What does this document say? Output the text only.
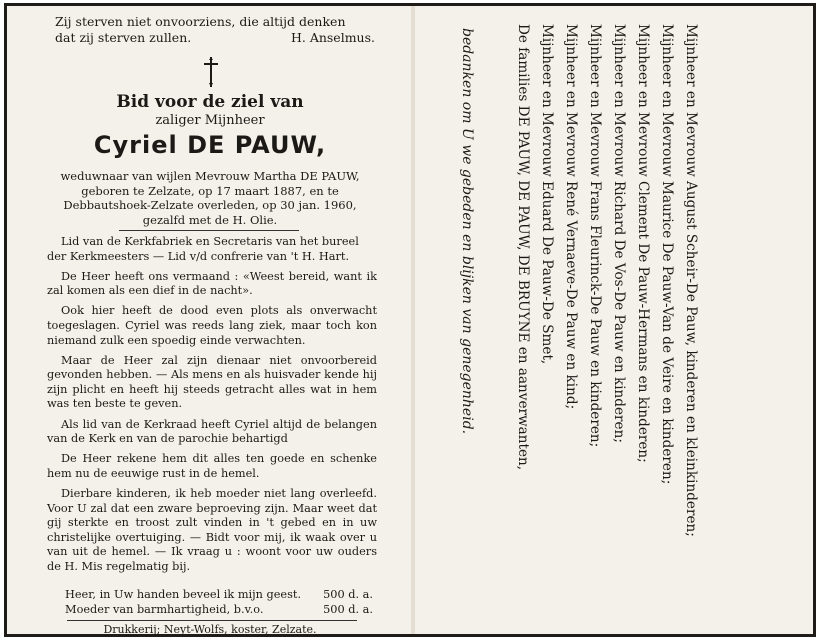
Zij sterven niet onvoorziens, die altijd denken
dat zij sterven zullen.	H. Anselmus.
Bid voor de ziel van
zaliger Mijnheer
Cyriel DE PAUW,
weduwnaar van wijlen Mevrouw Martha DE PAUW,
geboren te Zelzate, op 17 maart 1887, en te
Debbautshoek-Zelzate overleden, op 30 jan. 1960,
gezalfd met de H. Olie.
Lid van de Kerkfabriek en Secretaris van het bureel
der Kerkmeesters — Lid v/d confrerie van 't H. Hart.
De Heer heeft ons vermaand : «Weest bereid, want ik zal komen als een dief in de nacht».
Ook hier heeft de dood even plots als onverwacht toegeslagen. Cyriel was reeds lang ziek, maar toch kon niemand zulk een spoedig einde verwachten.
Maar de Heer zal zijn dienaar niet onvoorbereid gevonden hebben. — Als mens en als huisvader kende hij zijn plicht en heeft hij steeds getracht alles wat in hem was ten beste te geven.
Als lid van de Kerkraad heeft Cyriel altijd de belangen van de Kerk en van de parochie behartigd
De Heer rekene hem dit alles ten goede en schenke hem nu de eeuwige rust in de hemel.
Dierbare kinderen, ik heb moeder niet lang overleefd. Voor U zal dat een zware beproeving zijn. Maar weet dat gij sterkte en troost zult vinden in 't gebed en in uw christelijke overtuiging. — Bidt voor mij, ik waak over u van uit de hemel. — Ik vraag u : woont voor uw ouders de H. Mis regelmatig bij.
Heer, in Uw handen beveel ik mijn geest. 500 d. a.
Moeder van barmhartigheid, b.v.o.	500 d. a.
Drukkerij; Neyt-Wolfs, koster, Zelzate.
Mijnheer en Mevrouw August Scheir-De Pauw, kinderen en kleinkinderen;
Mijnheer en Mevrouw Maurice De Pauw-Van de Veire en kinderen;
Mijnheer en Mevrouw Clement De Pauw-Hermans en kinderen;
Mijnheer en Mevrouw Richard De Vos-De Pauw en kinderen;
Mijnheer en Mevrouw Frans Fleurinck-De Pauw en kinderen;
Mijnheer en Mevrouw René Vernaeve-De Pauw en kind;
Mijnheer en Mevrouw Eduard De Pauw-De Smet,
De families DE PAUW, DE PAUW, DE BRUYNE en aanverwanten,
bedanken om U we gebeden en blijken van genegenheid.
